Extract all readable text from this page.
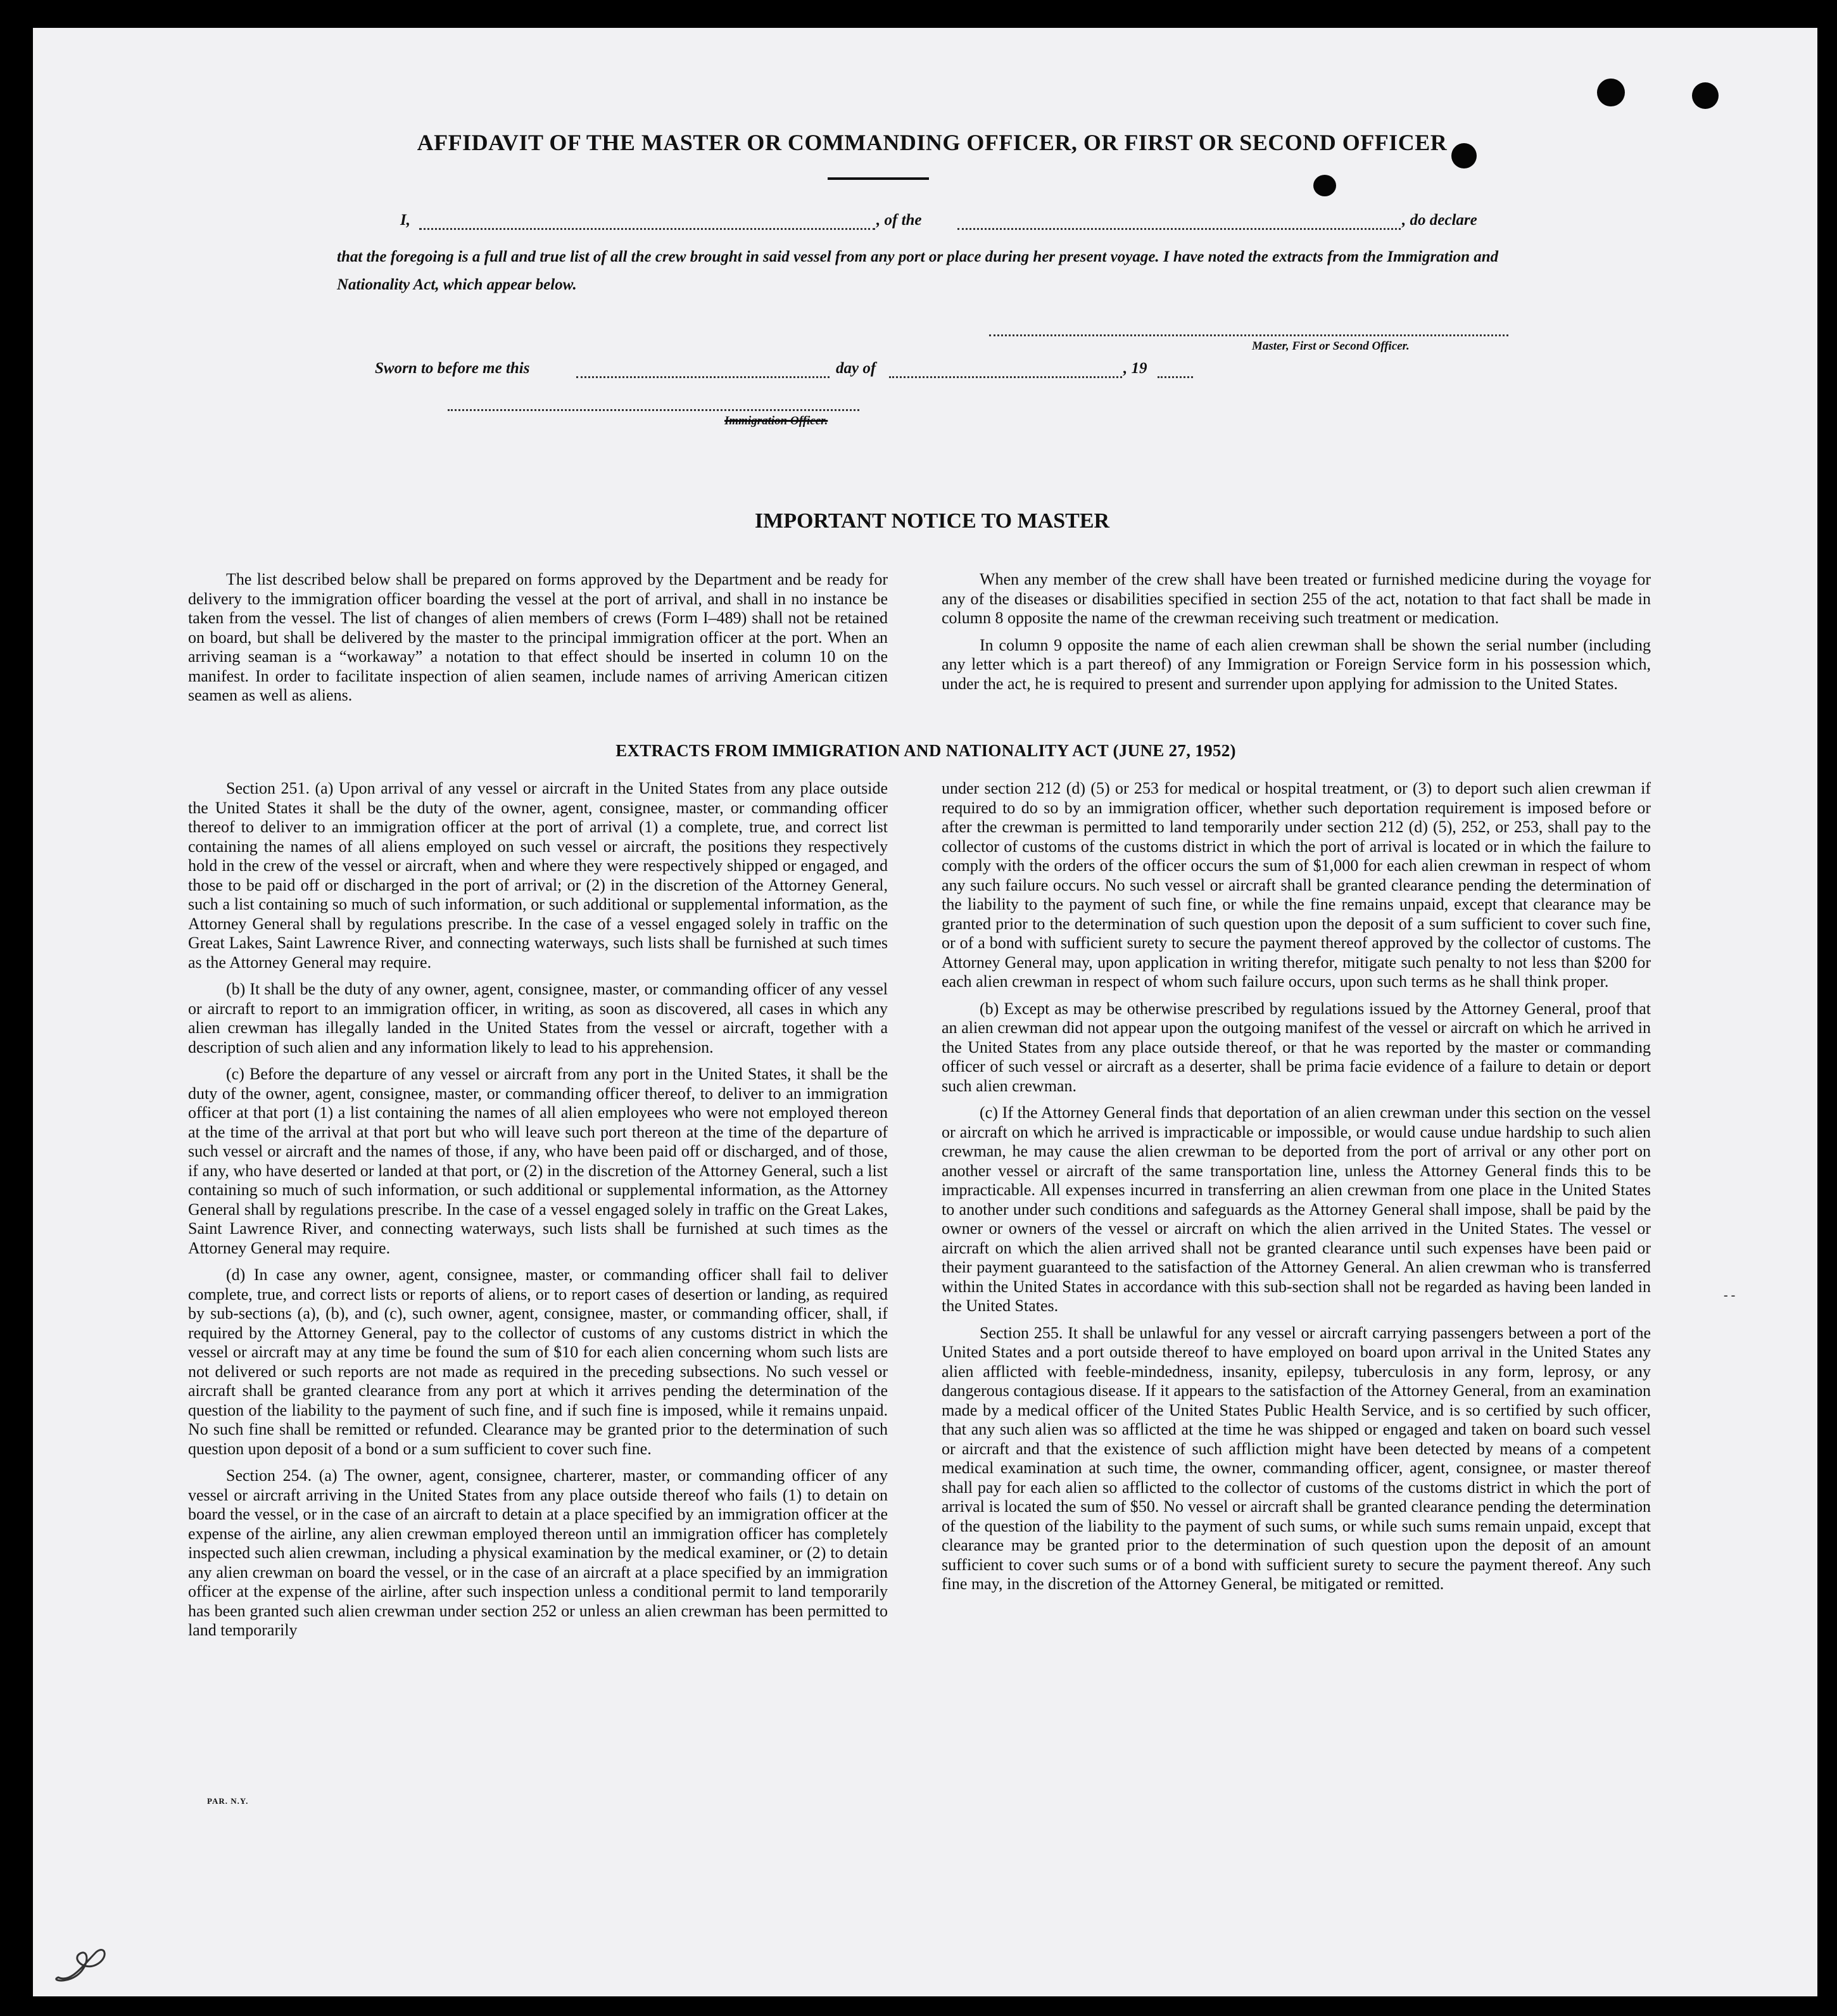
AFFIDAVIT OF THE MASTER OR COMMANDING OFFICER, OR FIRST OR SECOND OFFICER
I,	, of the	, do declare

that the foregoing is a full and true list of all the crew brought in said vessel from any port or place during her present voyage. I have noted the extracts from the Immigration and Nationality Act, which appear below.

Master, First or Second Officer.
Sworn to before me this	day of	, 19
Immigration Officer.
IMPORTANT NOTICE TO MASTER

The list described below shall be prepared on forms approved by the Department and be ready for delivery to the immigration officer boarding the vessel at the port of arrival, and shall in no instance be taken from the vessel. The list of changes of alien members of crews (Form I–489) shall not be retained on board, but shall be delivered by the master to the principal immigration officer at the port. When an arriving seaman is a “workaway” a notation to that effect should be inserted in column 10 on the manifest. In order to facilitate inspection of alien seamen, include names of arriving American citizen seamen as well as aliens.

When any member of the crew shall have been treated or furnished medicine during the voyage for any of the diseases or disabilities specified in section 255 of the act, notation to that fact shall be made in column 8 opposite the name of the crewman receiving such treatment or medication.

In column 9 opposite the name of each alien crewman shall be shown the serial number (including any letter which is a part thereof) of any Immigration or Foreign Service form in his possession which, under the act, he is required to present and surrender upon applying for admission to the United States.

EXTRACTS FROM IMMIGRATION AND NATIONALITY ACT (JUNE 27, 1952)

Section 251. (a) Upon arrival of any vessel or aircraft in the United States from any place outside the United States it shall be the duty of the owner, agent, consignee, master, or commanding officer thereof to deliver to an immigration officer at the port of arrival (1) a complete, true, and correct list containing the names of all aliens employed on such vessel or aircraft, the positions they respectively hold in the crew of the vessel or aircraft, when and where they were respectively shipped or engaged, and those to be paid off or discharged in the port of arrival; or (2) in the discretion of the Attorney General, such a list containing so much of such information, or such additional or supplemental information, as the Attorney General shall by regulations prescribe. In the case of a vessel engaged solely in traffic on the Great Lakes, Saint Lawrence River, and connecting waterways, such lists shall be furnished at such times as the Attorney General may require.

(b) It shall be the duty of any owner, agent, consignee, master, or commanding officer of any vessel or aircraft to report to an immigration officer, in writing, as soon as discovered, all cases in which any alien crewman has illegally landed in the United States from the vessel or aircraft, together with a description of such alien and any information likely to lead to his apprehension.

(c) Before the departure of any vessel or aircraft from any port in the United States, it shall be the duty of the owner, agent, consignee, master, or commanding officer thereof, to deliver to an immigration officer at that port (1) a list containing the names of all alien employees who were not employed thereon at the time of the arrival at that port but who will leave such port thereon at the time of the departure of such vessel or aircraft and the names of those, if any, who have been paid off or discharged, and of those, if any, who have deserted or landed at that port, or (2) in the discretion of the Attorney General, such a list containing so much of such information, or such additional or supplemental information, as the Attorney General shall by regulations prescribe. In the case of a vessel engaged solely in traffic on the Great Lakes, Saint Lawrence River, and connecting waterways, such lists shall be furnished at such times as the Attorney General may require.

(d) In case any owner, agent, consignee, master, or commanding officer shall fail to deliver complete, true, and correct lists or reports of aliens, or to report cases of desertion or landing, as required by sub-sections (a), (b), and (c), such owner, agent, consignee, master, or commanding officer, shall, if required by the Attorney General, pay to the collector of customs of any customs district in which the vessel or aircraft may at any time be found the sum of $10 for each alien concerning whom such lists are not delivered or such reports are not made as required in the preceding subsections. No such vessel or aircraft shall be granted clearance from any port at which it arrives pending the determination of the question of the liability to the payment of such fine, and if such fine is imposed, while it remains unpaid. No such fine shall be remitted or refunded. Clearance may be granted prior to the determination of such question upon deposit of a bond or a sum sufficient to cover such fine.

Section 254. (a) The owner, agent, consignee, charterer, master, or commanding officer of any vessel or aircraft arriving in the United States from any place outside thereof who fails (1) to detain on board the vessel, or in the case of an aircraft to detain at a place specified by an immigration officer at the expense of the airline, any alien crewman employed thereon until an immigration officer has completely inspected such alien crewman, including a physical examination by the medical examiner, or (2) to detain any alien crewman on board the vessel, or in the case of an aircraft at a place specified by an immigration officer at the expense of the airline, after such inspection unless a conditional permit to land temporarily has been granted such alien crewman under section 252 or unless an alien crewman has been permitted to land temporarily

under section 212 (d) (5) or 253 for medical or hospital treatment, or (3) to deport such alien crewman if required to do so by an immigration officer, whether such deportation requirement is imposed before or after the crewman is permitted to land temporarily under section 212 (d) (5), 252, or 253, shall pay to the collector of customs of the customs district in which the port of arrival is located or in which the failure to comply with the orders of the officer occurs the sum of $1,000 for each alien crewman in respect of whom any such failure occurs. No such vessel or aircraft shall be granted clearance pending the determination of the liability to the payment of such fine, or while the fine remains unpaid, except that clearance may be granted prior to the determination of such question upon the deposit of a sum sufficient to cover such fine, or of a bond with sufficient surety to secure the payment thereof approved by the collector of customs. The Attorney General may, upon application in writing therefor, mitigate such penalty to not less than $200 for each alien crewman in respect of whom such failure occurs, upon such terms as he shall think proper.

(b) Except as may be otherwise prescribed by regulations issued by the Attorney General, proof that an alien crewman did not appear upon the outgoing manifest of the vessel or aircraft on which he arrived in the United States from any place outside thereof, or that he was reported by the master or commanding officer of such vessel or aircraft as a deserter, shall be prima facie evidence of a failure to detain or deport such alien crewman.

(c) If the Attorney General finds that deportation of an alien crewman under this section on the vessel or aircraft on which he arrived is impracticable or impossible, or would cause undue hardship to such alien crewman, he may cause the alien crewman to be deported from the port of arrival or any other port on another vessel or aircraft of the same transportation line, unless the Attorney General finds this to be impracticable. All expenses incurred in transferring an alien crewman from one place in the United States to another under such conditions and safeguards as the Attorney General shall impose, shall be paid by the owner or owners of the vessel or aircraft on which the alien arrived in the United States. The vessel or aircraft on which the alien arrived shall not be granted clearance until such expenses have been paid or their payment guaranteed to the satisfaction of the Attorney General. An alien crewman who is transferred within the United States in accordance with this sub-section shall not be regarded as having been landed in the United States.

Section 255. It shall be unlawful for any vessel or aircraft carrying passengers between a port of the United States and a port outside thereof to have employed on board upon arrival in the United States any alien afflicted with feeble-mindedness, insanity, epilepsy, tuberculosis in any form, leprosy, or any dangerous contagious disease. If it appears to the satisfaction of the Attorney General, from an examination made by a medical officer of the United States Public Health Service, and is so certified by such officer, that any such alien was so afflicted at the time he was shipped or engaged and taken on board such vessel or aircraft and that the existence of such affliction might have been detected by means of a competent medical examination at such time, the owner, commanding officer, agent, consignee, or master thereof shall pay for each alien so afflicted to the collector of customs of the customs district in which the port of arrival is located the sum of $50. No vessel or aircraft shall be granted clearance pending the determination of the question of the liability to the payment of such sums, or while such sums remain unpaid, except that clearance may be granted prior to the determination of such question upon the deposit of an amount sufficient to cover such sums or of a bond with sufficient surety to secure the payment thereof. Any such fine may, in the discretion of the Attorney General, be mitigated or remitted.

PAR. N.Y.
- -
